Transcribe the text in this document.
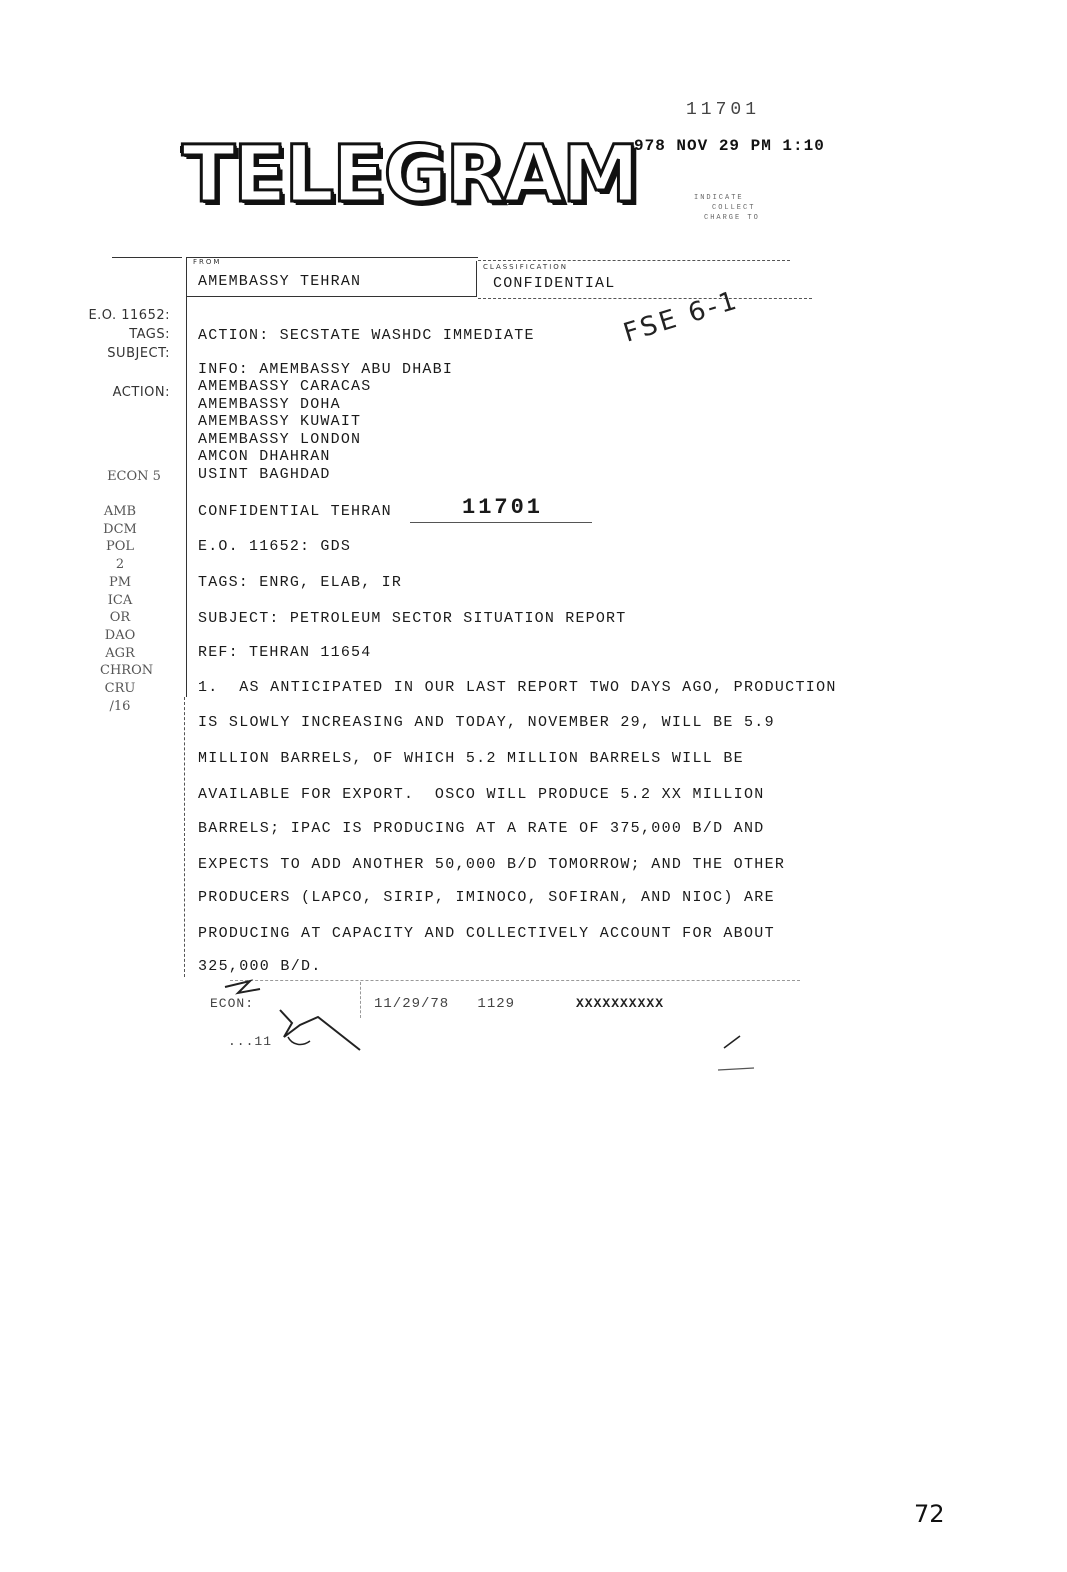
11701
978 NOV 29 PM 1:10
INDICATE
COLLECT
CHARGE TO
TELEGRAM
FROM
AMEMBASSY TEHRAN
CLASSIFICATION
CONFIDENTIAL
E.O. 11652:
TAGS:
SUBJECT:
ACTION:
ECON 5
AMB
DCM
POL 2
PM
ICA
OR
DAO
AGR
CHRON
CRU
/16
ACTION: SECSTATE WASHDC IMMEDIATE
INFO: AMEMBASSY ABU DHABI
AMEMBASSY CARACAS
AMEMBASSY DOHA
AMEMBASSY KUWAIT
AMEMBASSY LONDON
AMCON DHAHRAN
USINT BAGHDAD
FSE 6-1
CONFIDENTIAL TEHRAN	11701
E.O. 11652: GDS
TAGS: ENRG, ELAB, IR
SUBJECT: PETROLEUM SECTOR SITUATION REPORT
REF: TEHRAN 11654
1.  AS ANTICIPATED IN OUR LAST REPORT TWO DAYS AGO, PRODUCTION
IS SLOWLY INCREASING AND TODAY, NOVEMBER 29, WILL BE 5.9
MILLION BARRELS, OF WHICH 5.2 MILLION BARRELS WILL BE
AVAILABLE FOR EXPORT.  OSCO WILL PRODUCE 5.2 XX MILLION
BARRELS; IPAC IS PRODUCING AT A RATE OF 375,000 B/D AND
EXPECTS TO ADD ANOTHER 50,000 B/D TOMORROW; AND THE OTHER
PRODUCERS (LAPCO, SIRIP, IMINOCO, SOFIRAN, AND NIOC) ARE
PRODUCING AT CAPACITY AND COLLECTIVELY ACCOUNT FOR ABOUT
325,000 B/D.
ECON:	11/29/78   1129	XXXXXXXXXX
...11
72
